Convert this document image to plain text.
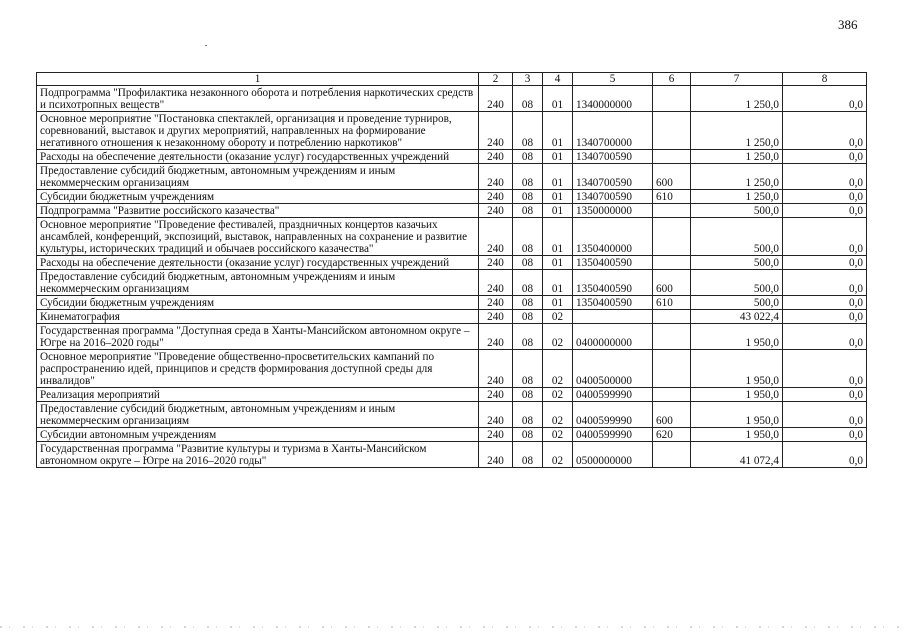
386
1	2	3	4	5	6	7	8
Подпрограмма "Профилактика незаконного оборота и потребления наркотических средств и психотропных веществ"	240	08	01	1340000000		1 250,0	0,0
Основное мероприятие "Постановка спектаклей, организация и проведение турниров, соревнований, выставок и других мероприятий, направленных на формирование негативного отношения к незаконному обороту и потреблению наркотиков"	240	08	01	1340700000		1 250,0	0,0
Расходы на обеспечение деятельности (оказание услуг) государственных учреждений	240	08	01	1340700590		1 250,0	0,0
Предоставление субсидий бюджетным, автономным учреждениям и иным некоммерческим организациям	240	08	01	1340700590	600	1 250,0	0,0
Субсидии бюджетным учреждениям	240	08	01	1340700590	610	1 250,0	0,0
Подпрограмма "Развитие российского казачества"	240	08	01	1350000000		500,0	0,0
Основное мероприятие "Проведение фестивалей, праздничных концертов казачьих ансамблей, конференций, экспозиций, выставок, направленных на сохранение и развитие культуры, исторических традиций и обычаев российского казачества"	240	08	01	1350400000		500,0	0,0
Расходы на обеспечение деятельности (оказание услуг) государственных учреждений	240	08	01	1350400590		500,0	0,0
Предоставление субсидий бюджетным, автономным учреждениям и иным некоммерческим организациям	240	08	01	1350400590	600	500,0	0,0
Субсидии бюджетным учреждениям	240	08	01	1350400590	610	500,0	0,0
Кинематография	240	08	02			43 022,4	0,0
Государственная программа "Доступная среда в Ханты-Мансийском автономном округе – Югре на 2016–2020 годы"	240	08	02	0400000000		1 950,0	0,0
Основное мероприятие "Проведение общественно-просветительских кампаний по распространению идей, принципов и средств формирования доступной среды для инвалидов"	240	08	02	0400500000		1 950,0	0,0
Реализация мероприятий	240	08	02	0400599990		1 950,0	0,0
Предоставление субсидий бюджетным, автономным учреждениям и иным некоммерческим организациям	240	08	02	0400599990	600	1 950,0	0,0
Субсидии автономным учреждениям	240	08	02	0400599990	620	1 950,0	0,0
Государственная программа "Развитие культуры и туризма в Ханты-Мансийском автономном округе – Югре на 2016–2020 годы"	240	08	02	0500000000		41 072,4	0,0
